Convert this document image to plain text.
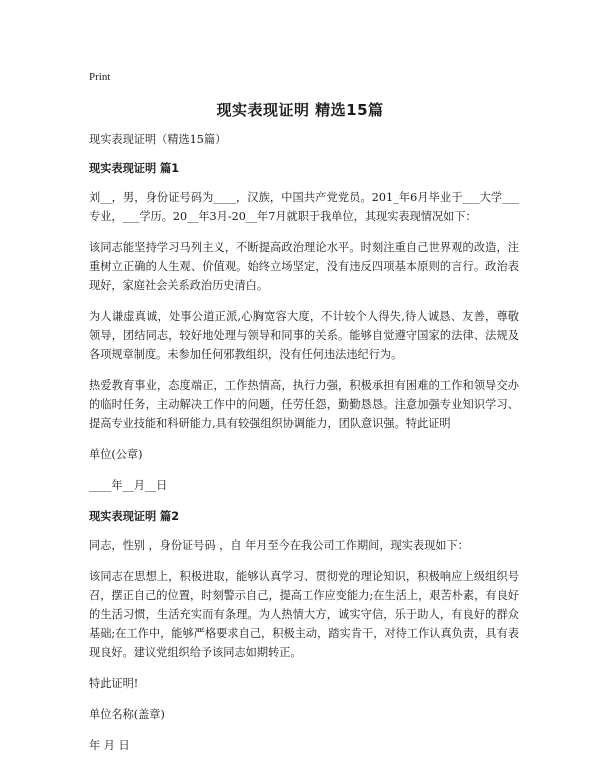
Print
现实表现证明 精选15篇

现实表现证明（精选15篇）

现实表现证明 篇1

刘__，男，身份证号码为____，汉族，中国共产党党员。201_年6月毕业于___大学___专业，___学历。20__年3月-20__年7月就职于我单位，其现实表现情况如下：

该同志能坚持学习马列主义，不断提高政治理论水平。时刻注重自己世界观的改造，注重树立正确的人生观、价值观。始终立场坚定，没有违反四项基本原则的言行。政治表现好，家庭社会关系政治历史清白。

为人谦虚真诚，处事公道正派,心胸宽容大度，不计较个人得失,待人诚恳、友善，尊敬领导，团结同志，较好地处理与领导和同事的关系。能够自觉遵守国家的法律、法规及各项规章制度。未参加任何邪教组织，没有任何违法违纪行为。

热爱教育事业，态度端正，工作热情高，执行力强，积极承担有困难的工作和领导交办的临时任务，主动解决工作中的问题，任劳任怨，勤勤恳恳。注意加强专业知识学习、提高专业技能和科研能力,具有较强组织协调能力，团队意识强。特此证明

单位(公章)

____年__月__日

现实表现证明 篇2

同志，性别 ，身份证号码 ，自 年月至今在我公司工作期间，现实表现如下：

该同志在思想上，积极进取，能够认真学习、贯彻党的理论知识，积极响应上级组织号召，摆正自己的位置，时刻警示自己，提高工作应变能力;在生活上，艰苦朴素，有良好的生活习惯，生活充实而有条理。为人热情大方，诚实守信，乐于助人，有良好的群众基础;在工作中，能够严格要求自己，积极主动，踏实肯干，对待工作认真负责，具有表现良好。建议党组织给予该同志如期转正。

特此证明!

单位名称(盖章)

年 月 日
